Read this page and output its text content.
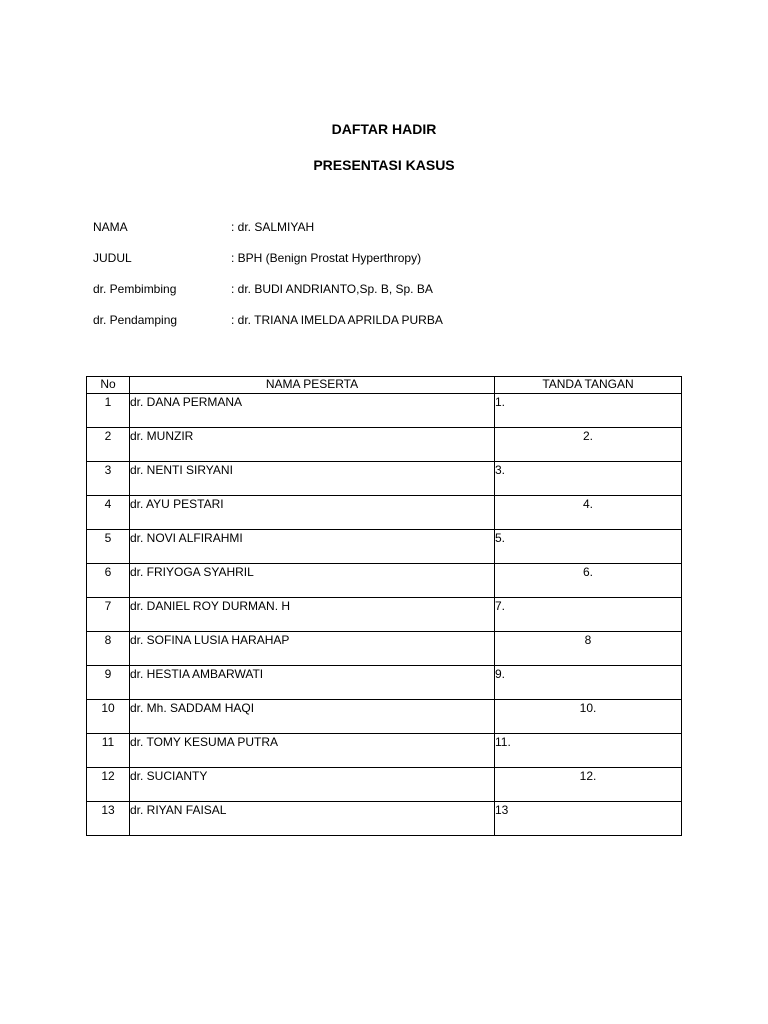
DAFTAR HADIR
PRESENTASI KASUS
NAMA	: dr. SALMIYAH
JUDUL	: BPH (Benign Prostat Hyperthropy)
dr. Pembimbing	: dr. BUDI ANDRIANTO,Sp. B, Sp. BA
dr. Pendamping	: dr. TRIANA IMELDA APRILDA PURBA
No	NAMA PESERTA	TANDA TANGAN
1	dr. DANA PERMANA	1.
2	dr. MUNZIR	2.
3	dr. NENTI SIRYANI	3.
4	dr. AYU PESTARI	4.
5	dr. NOVI ALFIRAHMI	5.
6	dr. FRIYOGA SYAHRIL	6.
7	dr. DANIEL ROY DURMAN. H	7.
8	dr. SOFINA LUSIA HARAHAP	8
9	dr. HESTIA AMBARWATI	9.
10	dr. Mh. SADDAM HAQI	10.
11	dr. TOMY KESUMA PUTRA	11.
12	dr. SUCIANTY	12.
13	dr. RIYAN FAISAL	13
